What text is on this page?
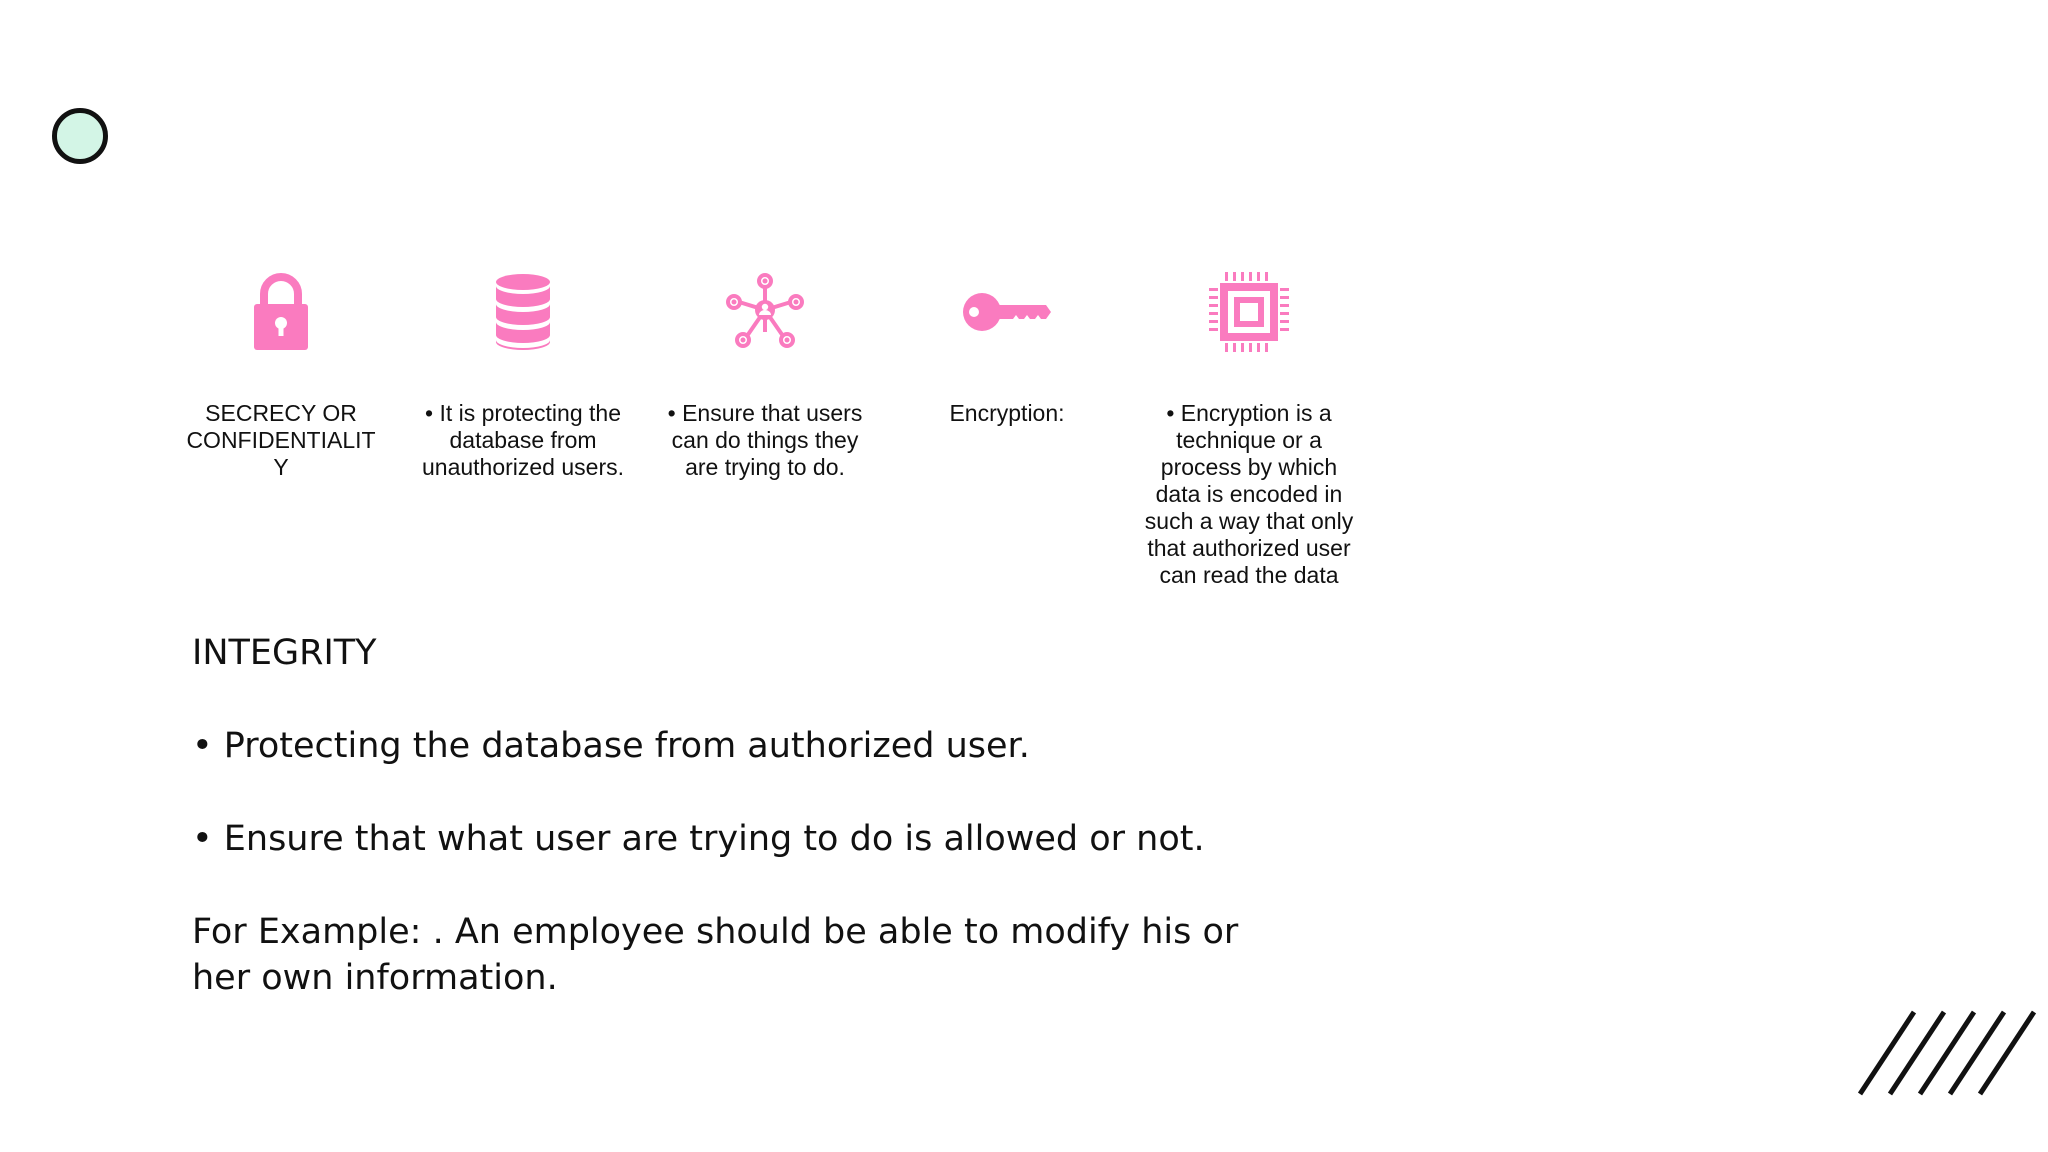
SECRECY OR CONFIDENTIALIT
Y
• It is protecting the database from unauthorized users.
• Ensure that users can do things they are trying to do.
Encryption:	• Encryption is a technique or a process by which data is encoded in such a way that only that authorized user can read the data
INTEGRITY
• Protecting the database from authorized user.
• Ensure that what user are trying to do is allowed or not.
For Example: . An employee should be able to modify his or her own information.
